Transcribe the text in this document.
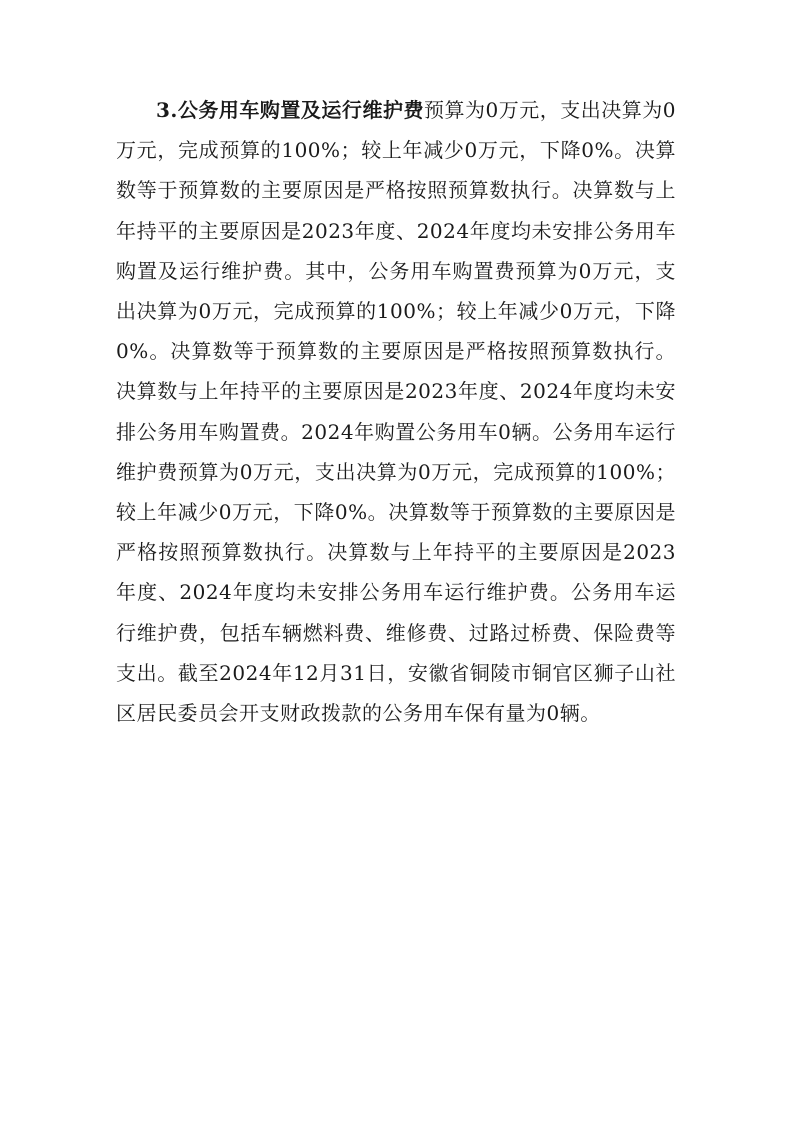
3.公务用车购置及运行维护费预算为0万元，支出决算为0万元，完成预算的100%；较上年减少0万元，下降0%。决算数等于预算数的主要原因是严格按照预算数执行。决算数与上年持平的主要原因是2023年度、2024年度均未安排公务用车购置及运行维护费。其中，公务用车购置费预算为0万元，支出决算为0万元，完成预算的100%；较上年减少0万元，下降0%。决算数等于预算数的主要原因是严格按照预算数执行。决算数与上年持平的主要原因是2023年度、2024年度均未安排公务用车购置费。2024年购置公务用车0辆。公务用车运行维护费预算为0万元，支出决算为0万元，完成预算的100%；较上年减少0万元，下降0%。决算数等于预算数的主要原因是严格按照预算数执行。决算数与上年持平的主要原因是2023年度、2024年度均未安排公务用车运行维护费。公务用车运行维护费，包括车辆燃料费、维修费、过路过桥费、保险费等支出。截至2024年12月31日，安徽省铜陵市铜官区狮子山社区居民委员会开支财政拨款的公务用车保有量为0辆。
